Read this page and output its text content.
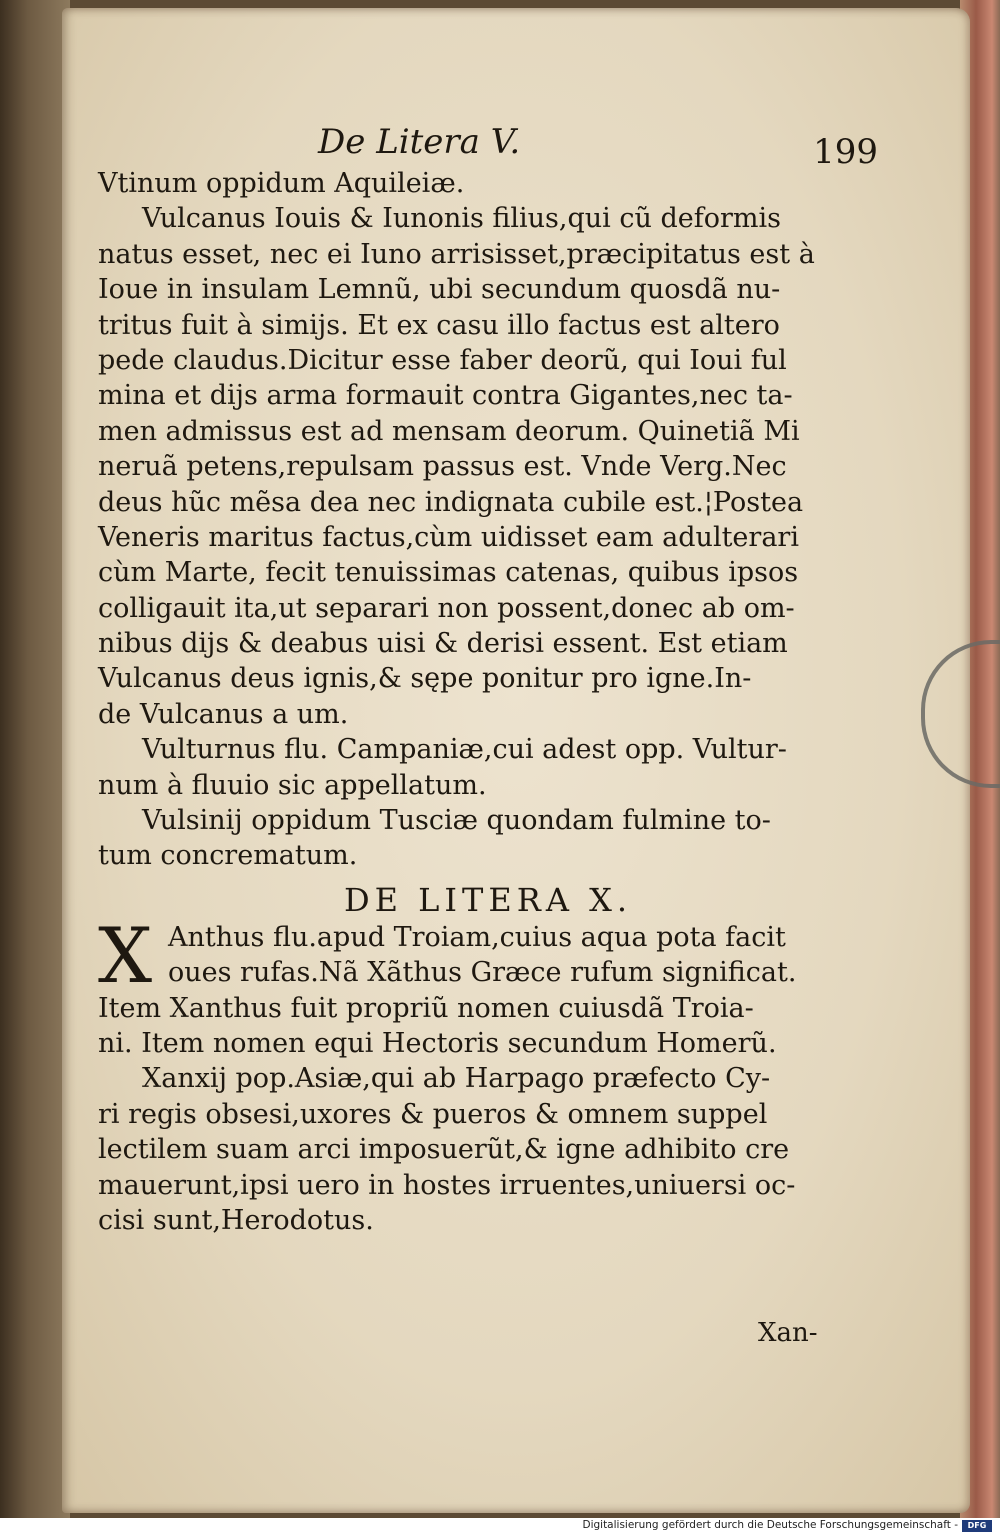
De Litera V.	199
Vtinum oppidum Aquileiæ.
Vulcanus Iouis & Iunonis filius,qui cũ deformis
natus esset, nec ei Iuno arrisisset,præcipitatus est à
Ioue in insulam Lemnũ, ubi secundum quosdã nu-
tritus fuit à simijs. Et ex casu illo factus est altero
pede claudus.Dicitur esse faber deorũ, qui Ioui ful
mina et dijs arma formauit contra Gigantes,nec ta-
men admissus est ad mensam deorum. Quinetiã Mi
neruã petens,repulsam passus est. Vnde Verg.Nec
deus hũc mẽsa dea nec indignata cubile est.¦Postea
Veneris maritus factus,cùm uidisset eam adulterari
cùm Marte, fecit tenuissimas catenas, quibus ipsos
colligauit ita,ut separari non possent,donec ab om-
nibus dijs & deabus uisi & derisi essent. Est etiam
Vulcanus deus ignis,& sępe ponitur pro igne.In-
de Vulcanus a um.
Vulturnus flu. Campaniæ,cui adest opp. Vultur-
num à fluuio sic appellatum.
Vulsinij oppidum Tusciæ quondam fulmine to-
tum concrematum.
DE LITERA X.
X Anthus flu.apud Troiam,cuius aqua pota facit
oues rufas.Nã Xãthus Græce rufum significat.
Item Xanthus fuit propriũ nomen cuiusdã Troia-
ni. Item nomen equi Hectoris secundum Homerũ.
Xanxij pop.Asiæ,qui ab Harpago præfecto Cy-
ri regis obsesi,uxores & pueros & omnem suppel
lectilem suam arci imposuerũt,& igne adhibito cre
mauerunt,ipsi uero in hostes irruentes,uniuersi oc-
cisi sunt,Herodotus.
Xan-
Digitalisierung gefördert durch die Deutsche Forschungsgemeinschaft -	DFG
